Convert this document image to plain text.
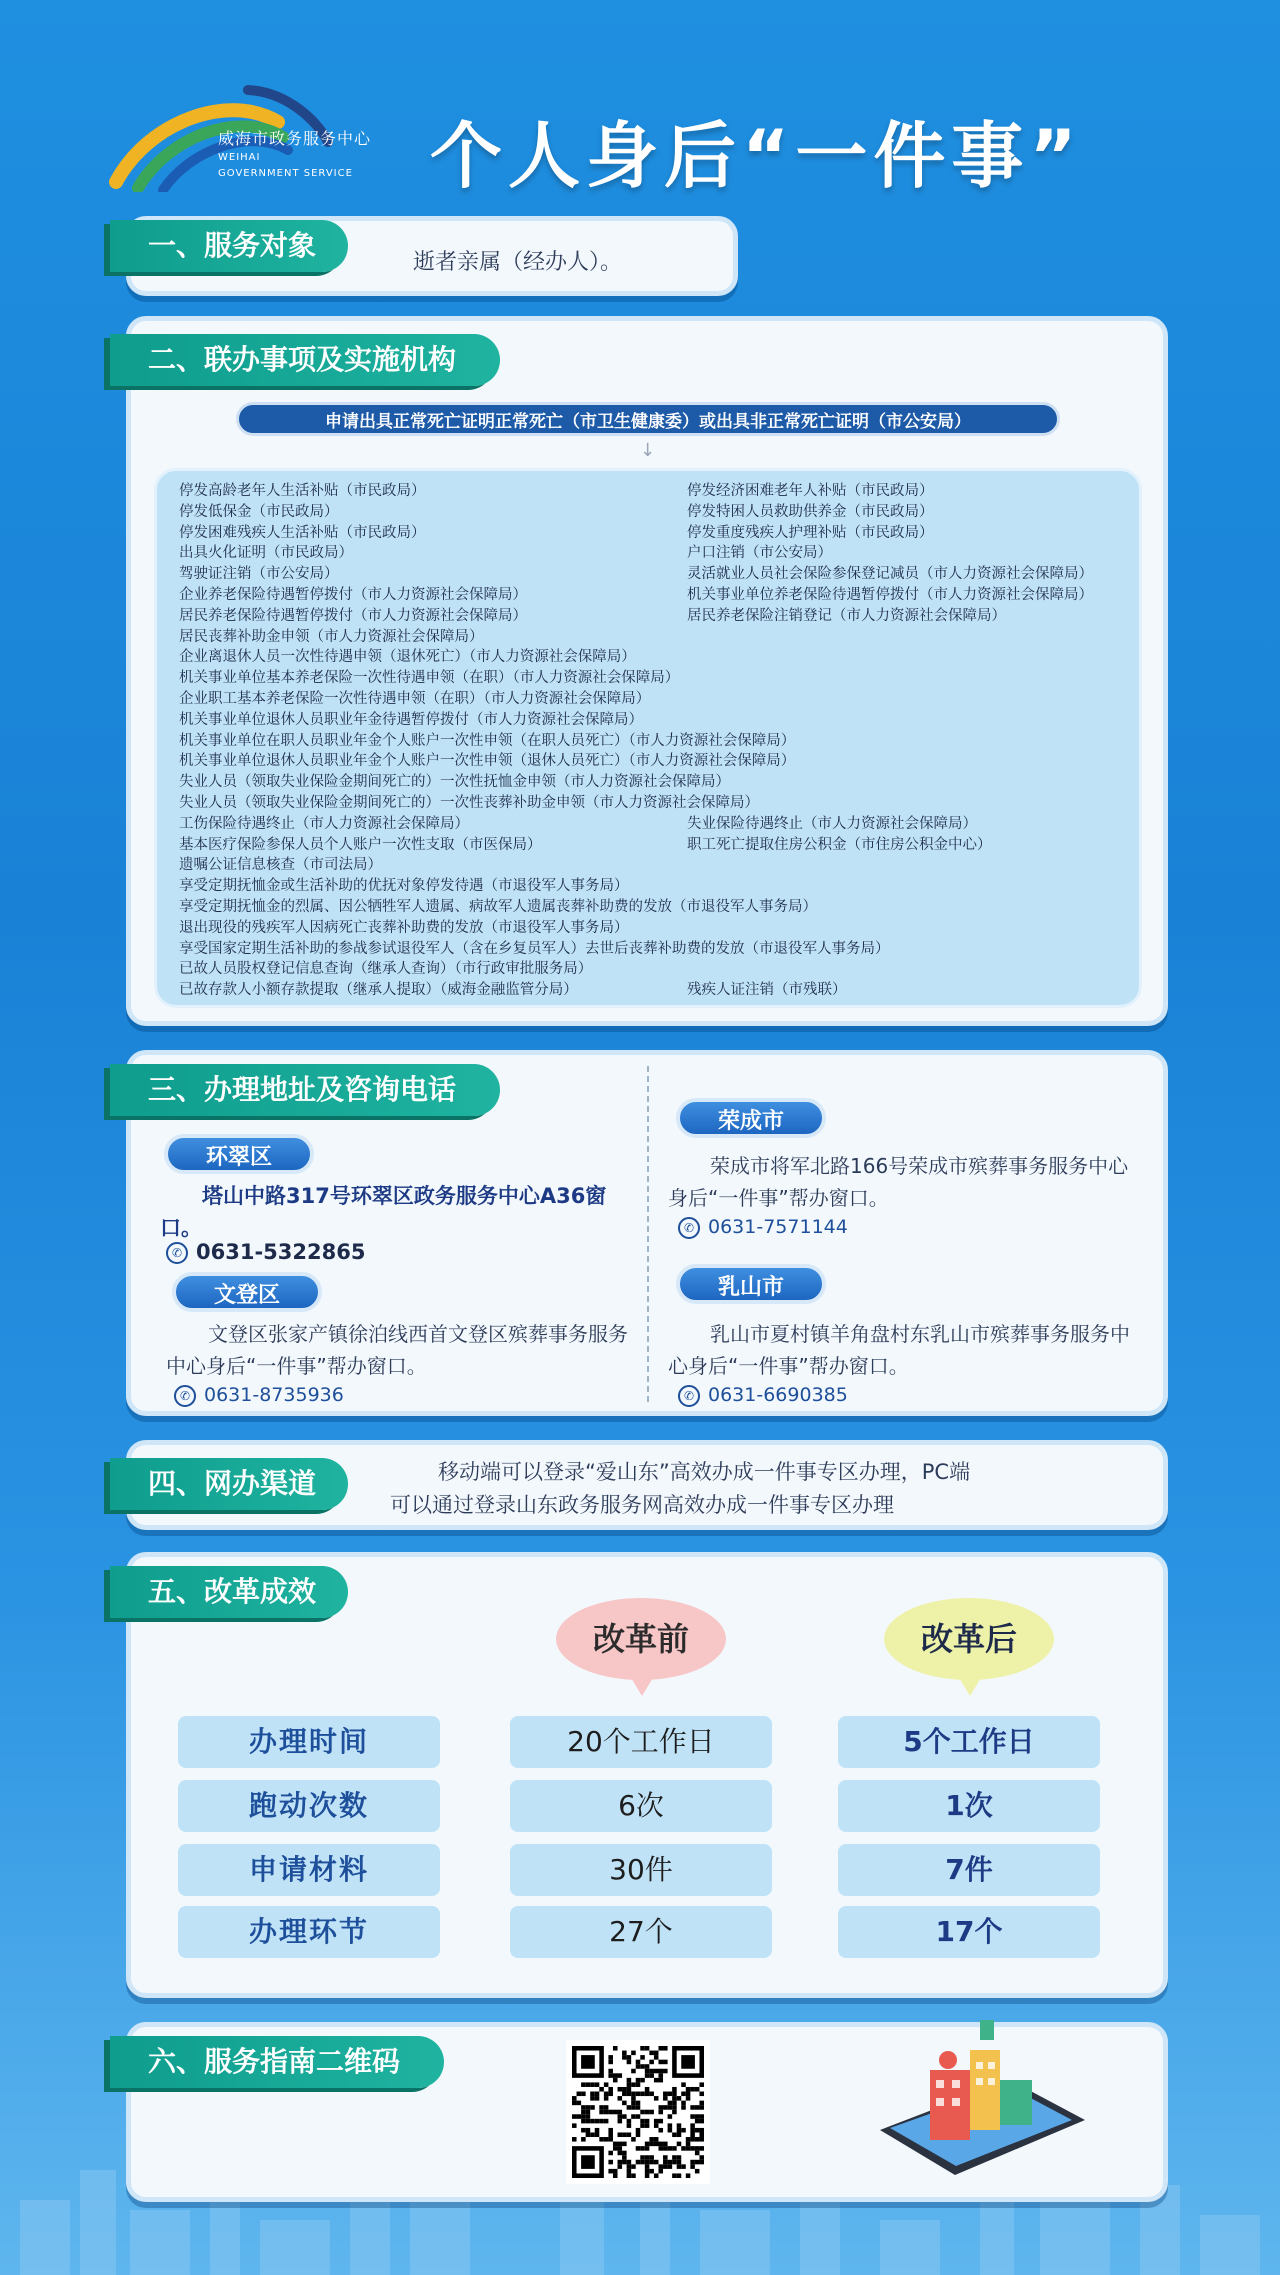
威海市政务服务中心
WEIHAI
GOVERNMENT SERVICE 个人身后“一件事”
逝者亲属（经办人）。
一、服务对象
二、联办事项及实施机构
申请出具正常死亡证明正常死亡（市卫生健康委）或出具非正常死亡证明（市公安局）
↓
停发高龄老年人生活补贴（市民政局）
停发低保金（市民政局）
停发困难残疾人生活补贴（市民政局）
出具火化证明（市民政局）
驾驶证注销（市公安局）
企业养老保险待遇暂停拨付（市人力资源社会保障局）
居民养老保险待遇暂停拨付（市人力资源社会保障局）
居民丧葬补助金申领（市人力资源社会保障局）
企业离退休人员一次性待遇申领（退休死亡）（市人力资源社会保障局）
机关事业单位基本养老保险一次性待遇申领（在职）（市人力资源社会保障局）
企业职工基本养老保险一次性待遇申领（在职）（市人力资源社会保障局）
机关事业单位退休人员职业年金待遇暂停拨付（市人力资源社会保障局）
机关事业单位在职人员职业年金个人账户一次性申领（在职人员死亡）（市人力资源社会保障局）
机关事业单位退休人员职业年金个人账户一次性申领（退休人员死亡）（市人力资源社会保障局）
失业人员（领取失业保险金期间死亡的）一次性抚恤金申领（市人力资源社会保障局）
失业人员（领取失业保险金期间死亡的）一次性丧葬补助金申领（市人力资源社会保障局）
工伤保险待遇终止（市人力资源社会保障局）
基本医疗保险参保人员个人账户一次性支取（市医保局）
遗嘱公证信息核查（市司法局）
享受定期抚恤金或生活补助的优抚对象停发待遇（市退役军人事务局）
享受定期抚恤金的烈属、因公牺牲军人遗属、病故军人遗属丧葬补助费的发放（市退役军人事务局）
退出现役的残疾军人因病死亡丧葬补助费的发放（市退役军人事务局）
享受国家定期生活补助的参战参试退役军人（含在乡复员军人）去世后丧葬补助费的发放（市退役军人事务局）
已故人员股权登记信息查询（继承人查询）（市行政审批服务局）
已故存款人小额存款提取（继承人提取）（威海金融监管分局）
停发经济困难老年人补贴（市民政局）
停发特困人员救助供养金（市民政局）
停发重度残疾人护理补贴（市民政局）
户口注销（市公安局）
灵活就业人员社会保险参保登记减员（市人力资源社会保障局）
机关事业单位养老保险待遇暂停拨付（市人力资源社会保障局）
居民养老保险注销登记（市人力资源社会保障局）
失业保险待遇终止（市人力资源社会保障局）
职工死亡提取住房公积金（市住房公积金中心）
残疾人证注销（市残联）
三、办理地址及咨询电话
环翠区
塔山中路317号环翠区政务服务中心A36窗口。
✆ 0631-5322865
文登区
文登区张家产镇徐泊线西首文登区殡葬事务服务中心身后“一件事”帮办窗口。
✆ 0631-8735936
荣成市
荣成市将军北路166号荣成市殡葬事务服务中心身后“一件事”帮办窗口。
✆ 0631-7571144
乳山市
乳山市夏村镇羊角盘村东乳山市殡葬事务服务中心身后“一件事”帮办窗口。
✆ 0631-6690385
四、网办渠道	移动端可以登录“爱山东”高效办成一件事专区办理，PC端
可以通过登录山东政务服务网高效办成一件事专区办理
五、改革成效
改革前	改革后
办理时间	20个工作日	5个工作日
跑动次数	6次	1次
申请材料	30件	7件
办理环节	27个	17个
六、服务指南二维码
